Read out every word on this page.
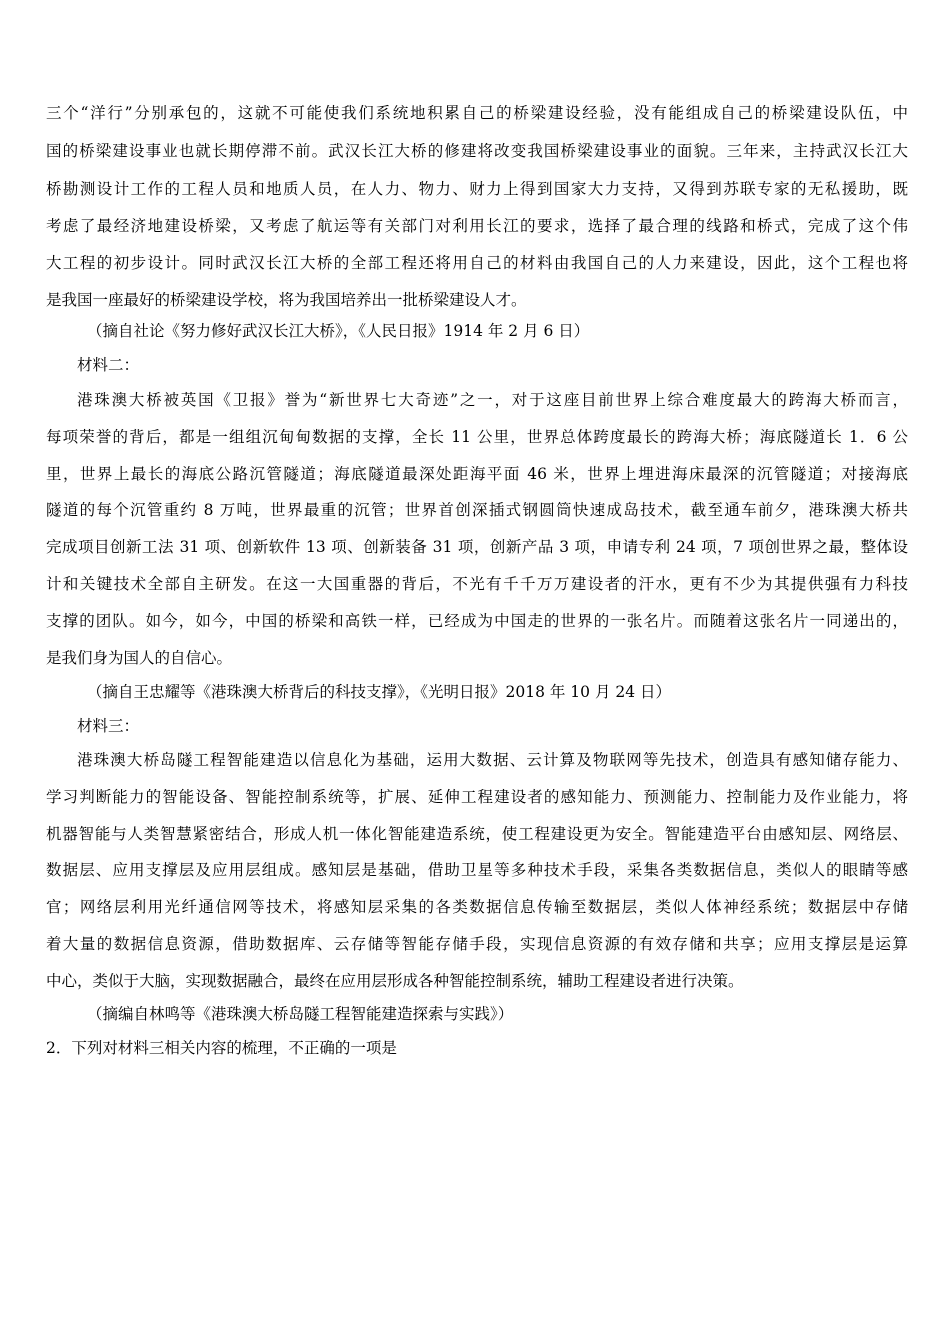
三个“洋行”分别承包的，这就不可能使我们系统地积累自己的桥梁建设经验，没有能组成自己的桥梁建设队伍，中
国的桥梁建设事业也就长期停滞不前。武汉长江大桥的修建将改变我国桥梁建设事业的面貌。三年来，主持武汉长江大
桥勘测设计工作的工程人员和地质人员，在人力、物力、财力上得到国家大力支持，又得到苏联专家的无私援助，既
考虑了最经济地建设桥梁，又考虑了航运等有关部门对利用长江的要求，选择了最合理的线路和桥式，完成了这个伟
大工程的初步设计。同时武汉长江大桥的全部工程还将用自己的材料由我国自己的人力来建设，因此，这个工程也将
是我国一座最好的桥梁建设学校，将为我国培养出一批桥梁建设人才。
（摘自社论《努力修好武汉长江大桥》，《人民日报》1914 年 2 月 6 日）
材料二：
港珠澳大桥被英国《卫报》誉为“新世界七大奇迹”之一，对于这座目前世界上综合难度最大的跨海大桥而言，
每项荣誉的背后，都是一组组沉甸甸数据的支撑，全长 11 公里，世界总体跨度最长的跨海大桥；海底隧道长 1．6 公
里，世界上最长的海底公路沉管隧道；海底隧道最深处距海平面 46 米，世界上埋进海床最深的沉管隧道；对接海底
隧道的每个沉管重约 8 万吨，世界最重的沉管；世界首创深插式钢圆筒快速成岛技术，截至通车前夕，港珠澳大桥共
完成项目创新工法 31 项、创新软件 13 项、创新装备 31 项，创新产品 3 项，申请专利 24 项，7 项创世界之最，整体设
计和关键技术全部自主研发。在这一大国重器的背后，不光有千千万万建设者的汗水，更有不少为其提供强有力科技
支撑的团队。如今，如今，中国的桥梁和高铁一样，已经成为中国走的世界的一张名片。而随着这张名片一同递出的，
是我们身为国人的自信心。
（摘自王忠耀等《港珠澳大桥背后的科技支撑》，《光明日报》2018 年 10 月 24 日）
材料三：
港珠澳大桥岛隧工程智能建造以信息化为基础，运用大数据、云计算及物联网等先技术，创造具有感知储存能力、
学习判断能力的智能设备、智能控制系统等，扩展、延伸工程建设者的感知能力、预测能力、控制能力及作业能力，将
机器智能与人类智慧紧密结合，形成人机一体化智能建造系统，使工程建设更为安全。智能建造平台由感知层、网络层、
数据层、应用支撑层及应用层组成。感知层是基础，借助卫星等多种技术手段，采集各类数据信息，类似人的眼睛等感
官；网络层利用光纤通信网等技术，将感知层采集的各类数据信息传输至数据层，类似人体神经系统；数据层中存储
着大量的数据信息资源，借助数据库、云存储等智能存储手段，实现信息资源的有效存储和共享；应用支撑层是运算
中心，类似于大脑，实现数据融合，最终在应用层形成各种智能控制系统，辅助工程建设者进行决策。
（摘编自林鸣等《港珠澳大桥岛隧工程智能建造探索与实践》）
2．下列对材料三相关内容的梳理，不正确的一项是
